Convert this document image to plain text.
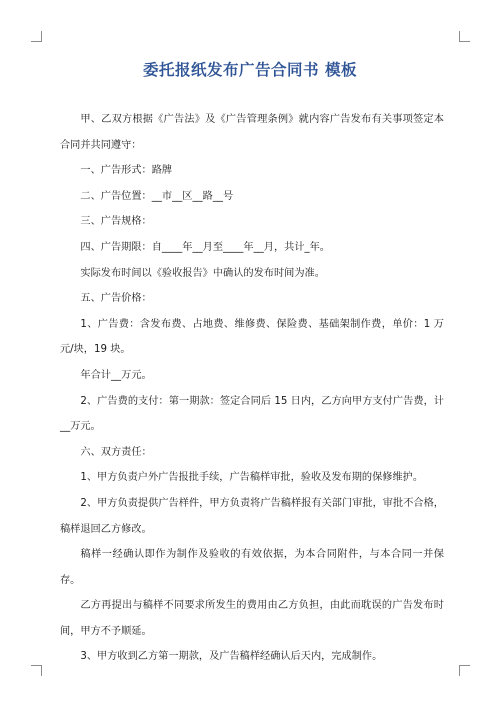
委托报纸发布广告合同书 模板

甲、乙双方根据《广告法》及《广告管理条例》就内容广告发布有关事项签定本合同并共同遵守：

一、广告形式：路牌

二、广告位置：__市__区__路__号

三、广告规格：

四、广告期限：自____年__月至____年__月，共计_年。

实际发布时间以《验收报告》中确认的发布时间为准。

五、广告价格：

1、广告费：含发布费、占地费、维修费、保险费、基础架制作费，单价：1 万元/块，19 块。

年合计__万元。

2、广告费的支付：第一期款：签定合同后 15 日内，乙方向甲方支付广告费，计__万元。

六、双方责任：

1、甲方负责户外广告报批手续，广告稿样审批，验收及发布期的保修维护。

2、甲方负责提供广告样件，甲方负责将广告稿样报有关部门审批，审批不合格，稿样退回乙方修改。

稿样一经确认即作为制作及验收的有效依据，为本合同附件，与本合同一并保存。

乙方再提出与稿样不同要求所发生的费用由乙方负担，由此而耽误的广告发布时间，甲方不予顺延。

3、甲方收到乙方第一期款，及广告稿样经确认后天内，完成制作。
